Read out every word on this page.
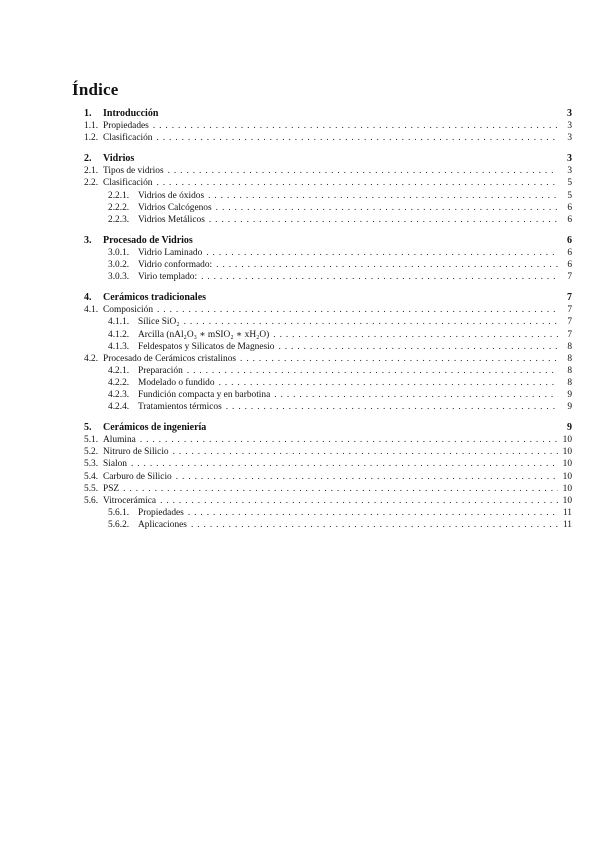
Índice
1.	Introducción	3
1.1. Propiedades . . .	3
1.2. Clasificación . . .	3
2.	Vidrios	3
2.1. Tipos de vidrios . . .	3
2.2. Clasificación . . .	5
2.2.1. Vidrios de óxidos . . .	5
2.2.2. Vidrios Calcógenos . . .	6
2.2.3. Vidrios Metálicos . . .	6
3.	Procesado de Vidrios	6
3.0.1. Vidrio Laminado . . .	6
3.0.2. Vidrio conformado: . . .	6
3.0.3. Virio templado: . . .	7
4.	Cerámicos tradicionales	7
4.1. Composición . . .	7
4.1.1. Sílice SiO₂ . . .	7
4.1.2. Arcilla (nAl₂O₃ ∗ mSIO₂ ∗ xH₂O) . . .	7
4.1.3. Feldespatos y Silicatos de Magnesio . . .	8
4.2. Procesado de Cerámicos cristalinos . . .	8
4.2.1. Preparación . . .	8
4.2.2. Modelado o fundido . . .	8
4.2.3. Fundición compacta y en barbotina . . .	9
4.2.4. Tratamientos térmicos . . .	9
5.	Cerámicos de ingeniería	9
5.1. Alumina . . .	10
5.2. Nitruro de Silicio . . .	10
5.3. Sialon . . .	10
5.4. Carburo de Silicio . . .	10
5.5. PSZ . . .	10
5.6. Vitrocerámica . . .	10
5.6.1. Propiedades . . .	11
5.6.2. Aplicaciones . . .	11
